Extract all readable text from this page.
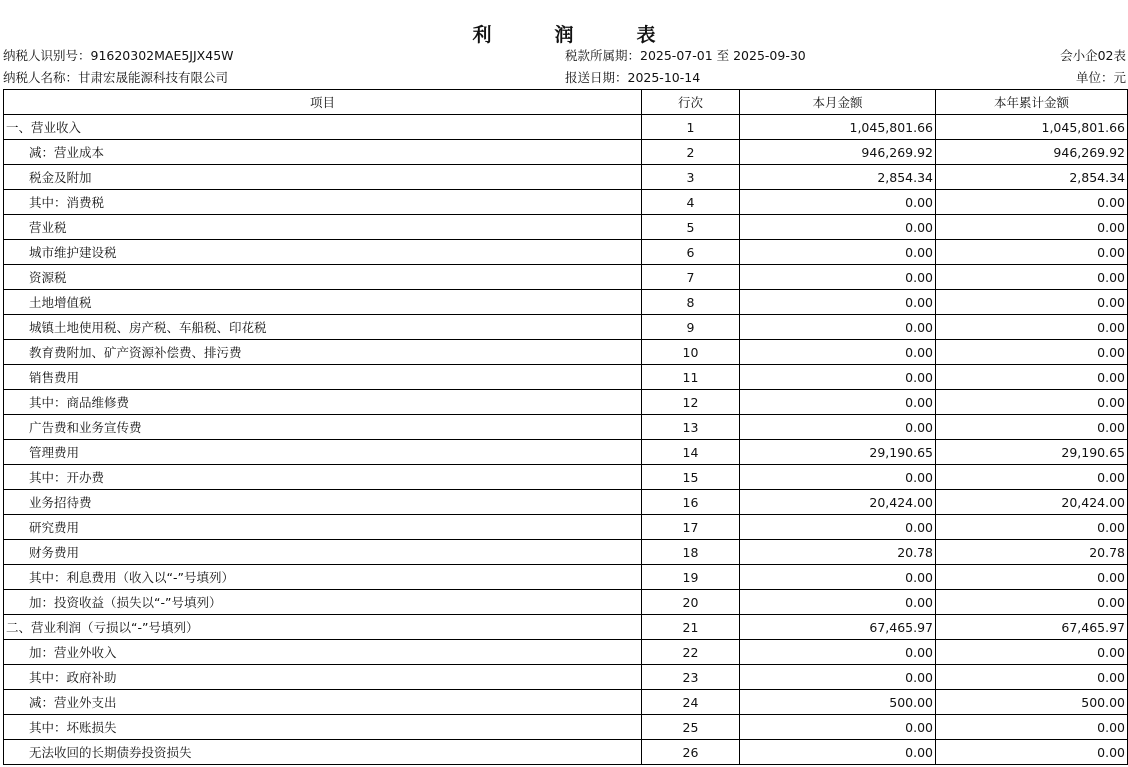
利　润　表
纳税人识别号：91620302MAE5JJX45W	税款所属期：2025-07-01 至 2025-09-30	会小企02表
纳税人名称：甘肃宏晟能源科技有限公司	报送日期：2025-10-14	单位：元
项目	行次	本月金额	本年累计金额
一、营业收入	1	1,045,801.66	1,045,801.66
减：营业成本	2	946,269.92	946,269.92
税金及附加	3	2,854.34	2,854.34
其中：消费税	4	0.00	0.00
营业税	5	0.00	0.00
城市维护建设税	6	0.00	0.00
资源税	7	0.00	0.00
土地增值税	8	0.00	0.00
城镇土地使用税、房产税、车船税、印花税	9	0.00	0.00
教育费附加、矿产资源补偿费、排污费	10	0.00	0.00
销售费用	11	0.00	0.00
其中：商品维修费	12	0.00	0.00
广告费和业务宣传费	13	0.00	0.00
管理费用	14	29,190.65	29,190.65
其中：开办费	15	0.00	0.00
业务招待费	16	20,424.00	20,424.00
研究费用	17	0.00	0.00
财务费用	18	20.78	20.78
其中：利息费用（收入以“-”号填列）	19	0.00	0.00
加：投资收益（损失以“-”号填列）	20	0.00	0.00
二、营业利润（亏损以“-”号填列）	21	67,465.97	67,465.97
加：营业外收入	22	0.00	0.00
其中：政府补助	23	0.00	0.00
减：营业外支出	24	500.00	500.00
其中：坏账损失	25	0.00	0.00
无法收回的长期债券投资损失	26	0.00	0.00
